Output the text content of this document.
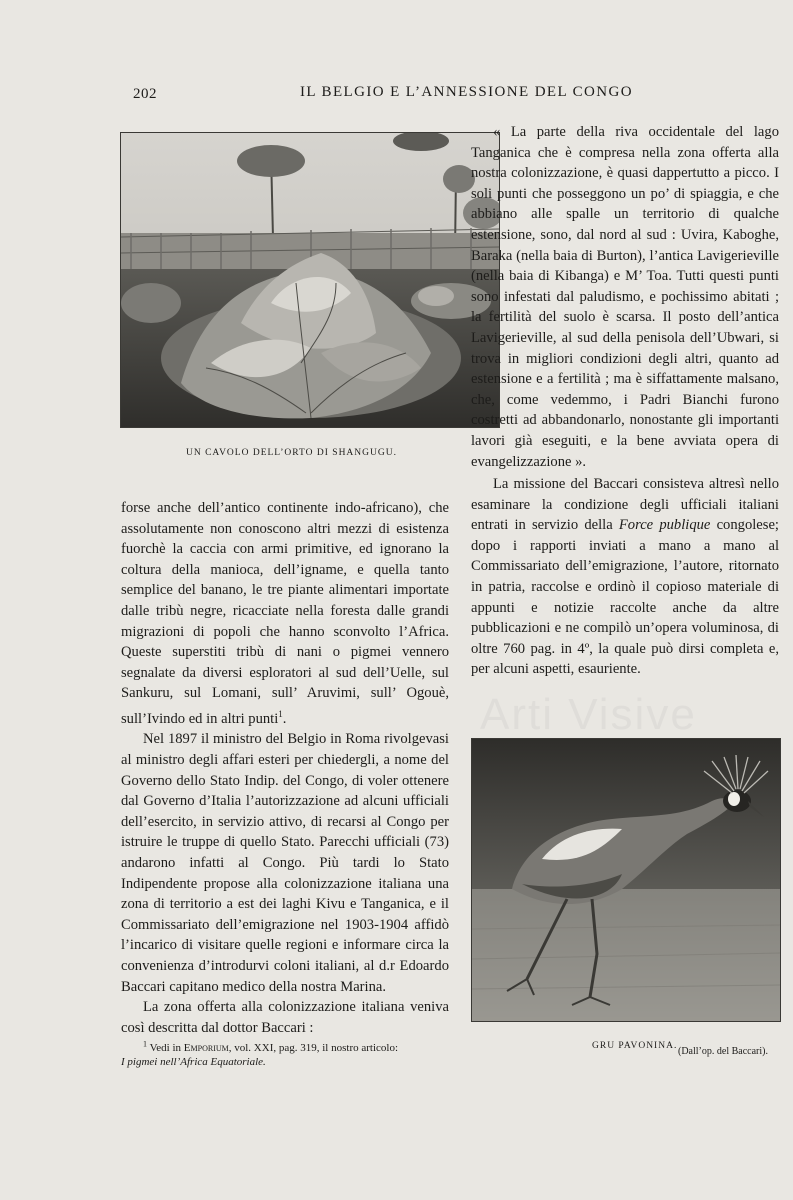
202	IL BELGIO E L’ANNESSIONE DEL CONGO
UN CAVOLO DELL’ORTO DI SHANGUGU.
GRU PAVONINA. (Dall’op. del Baccari).
Arti Visive

forse anche dell’antico continente indo-africano), che assolutamente non conoscono altri mezzi di esistenza fuorchè la caccia con armi primitive, ed ignorano la coltura della manioca, dell’igname, e quella tanto semplice del banano, le tre piante alimentari importate dalle tribù negre, ricacciate nella foresta dalle grandi migrazioni di popoli che hanno sconvolto l’Africa. Queste superstiti tribù di nani o pigmei vennero segnalate da diversi esploratori al sud dell’Uelle, sul Sankuru, sul Lomani, sull’ Aruvimi, sull’ Ogouè, sull’Ivindo ed in altri punti$^1$.

Nel 1897 il ministro del Belgio in Roma rivolgevasi al ministro degli affari esteri per chiedergli, a nome del Governo dello Stato Indip. del Congo, di voler ottenere dal Governo d’Italia l’autorizzazione ad alcuni ufficiali dell’esercito, in servizio attivo, di recarsi al Congo per istruire le truppe di quello Stato. Parecchi ufficiali (73) andarono infatti al Congo. Più tardi lo Stato Indipendente propose alla colonizzazione italiana una zona di territorio a est dei laghi Kivu e Tanganica, e il Commissariato dell’emigrazione nel 1903-1904 affidò l’incarico di visitare quelle regioni e informare circa la convenienza d’introdurvi coloni italiani, al d.r Edoardo Baccari capitano medico della nostra Marina.

La zona offerta alla colonizzazione italiana veniva così descritta dal dottor Baccari :

$^1$ Vedi in Emporium, vol. XXI, pag. 319, il nostro articolo:
I pigmei nell’Africa Equatoriale.

« La parte della riva occidentale del lago Tanganica che è compresa nella zona offerta alla nostra colonizzazione, è quasi dappertutto a picco. I soli punti che posseggono un po’ di spiaggia, e che abbiano alle spalle un territorio di qualche estensione, sono, dal nord al sud : Uvira, Kaboghe, Baraka (nella baia di Burton), l’antica Lavigerieville (nella baia di Kibanga) e M’ Toa. Tutti questi punti sono infestati dal paludismo, e pochissimo abitati ; la fertilità del suolo è scarsa. Il posto dell’antica Lavigerieville, al sud della penisola dell’Ubwari, si trova in migliori condizioni degli altri, quanto ad estensione e a fertilità ; ma è siffattamente malsano, che, come vedemmo, i Padri Bianchi furono costretti ad abbandonarlo, nonostante gli importanti lavori già eseguiti, e la bene avviata opera di evangelizzazione ».

La missione del Baccari consisteva altresì nello esaminare la condizione degli ufficiali italiani entrati in servizio della Force publique congolese; dopo i rapporti inviati a mano a mano al Commissariato dell’emigrazione, l’autore, ritornato in patria, raccolse e ordinò il copioso materiale di appunti e notizie raccolte anche da altre pubblicazioni e ne compilò un’opera voluminosa, di oltre 760 pag. in 4º, la quale può dirsi completa e, per alcuni aspetti, esauriente.
